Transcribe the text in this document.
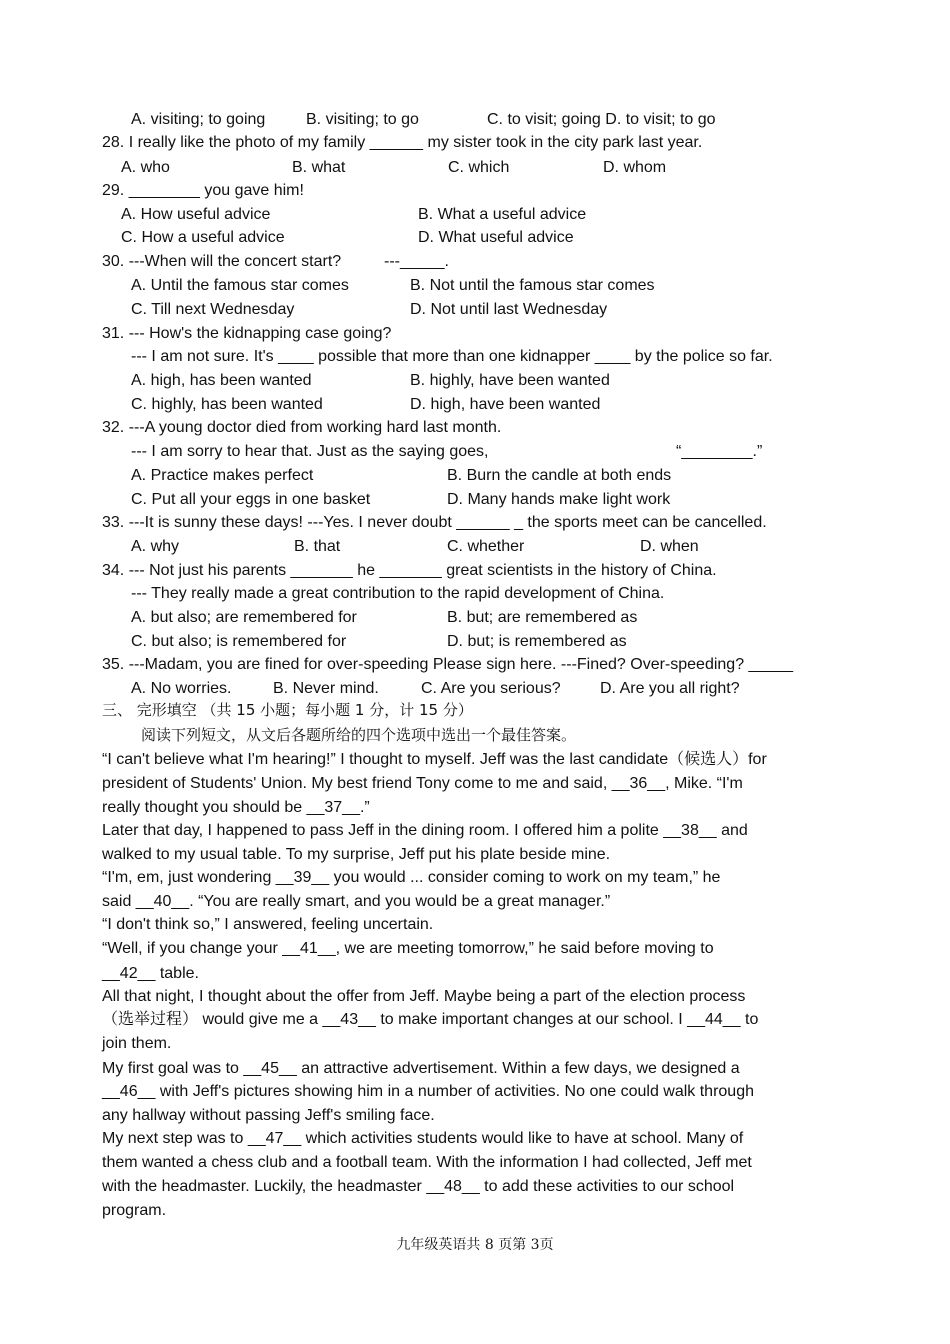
A. visiting; to going	B. visiting; to go	C. to visit; going D. to visit; to go
28. I really like the photo of my family ______ my sister took in the city park last year.
A. who	B. what	C. which	D. whom
29. ________ you gave him!
A. How useful advice	B. What a useful advice
C. How a useful advice	D. What useful advice
30. ---When will the concert start?	---_____.
A. Until the famous star comes	B. Not until the famous star comes
C. Till next Wednesday	D. Not until last Wednesday
31. --- How's the kidnapping case going?
--- I am not sure. It's ____ possible that more than one kidnapper ____ by the police so far.
A. high, has been wanted	B. highly, have been wanted
C. highly, has been wanted	D. high, have been wanted
32. ---A young doctor died from working hard last month.
--- I am sorry to hear that. Just as the saying goes,	“________.”
A. Practice makes perfect	B. Burn the candle at both ends
C. Put all your eggs in one basket	D. Many hands make light work
33. ---It is sunny these days! ---Yes. I never doubt ______ _ the sports meet can be cancelled.
A. why	B. that	C. whether	D. when
34. --- Not just his parents _______ he _______ great scientists in the history of China.
--- They really made a great contribution to the rapid development of China.
A. but also; are remembered for	B. but; are remembered as
C. but also; is remembered for	D. but; is remembered as
35. ---Madam, you are fined for over-speeding Please sign here. ---Fined? Over-speeding? _____
A. No worries.	B. Never mind.	C. Are you serious? D. Are you all right?
三、 完形填空 （共 15 小题；每小题 1 分，计 15 分）
阅读下列短文，从文后各题所给的四个选项中选出一个最佳答案。
“I can't believe what I'm hearing!” I thought to myself. Jeff was the last candidate（候选人）for
president of Students' Union. My best friend Tony come to me and said, __36__, Mike. “I'm
really thought you should be __37__.”
Later that day, I happened to pass Jeff in the dining room. I offered him a polite __38__ and
walked to my usual table. To my surprise, Jeff put his plate beside mine.
“I'm, em, just wondering __39__ you would ... consider coming to work on my team,” he
said __40__. “You are really smart, and you would be a great manager.”
“I don't think so,” I answered, feeling uncertain.
“Well, if you change your __41__, we are meeting tomorrow,” he said before moving to
__42__ table.
All that night, I thought about the offer from Jeff. Maybe being a part of the election process
（选举过程） would give me a __43__ to make important changes at our school. I __44__ to
join them.
My first goal was to __45__ an attractive advertisement. Within a few days, we designed a
__46__ with Jeff's pictures showing him in a number of activities. No one could walk through
any hallway without passing Jeff's smiling face.
My next step was to __47__ which activities students would like to have at school. Many of
them wanted a chess club and a football team. With the information I had collected, Jeff met
with the headmaster. Luckily, the headmaster __48__ to add these activities to our school
program.
九年级英语共 8 页第 3页
